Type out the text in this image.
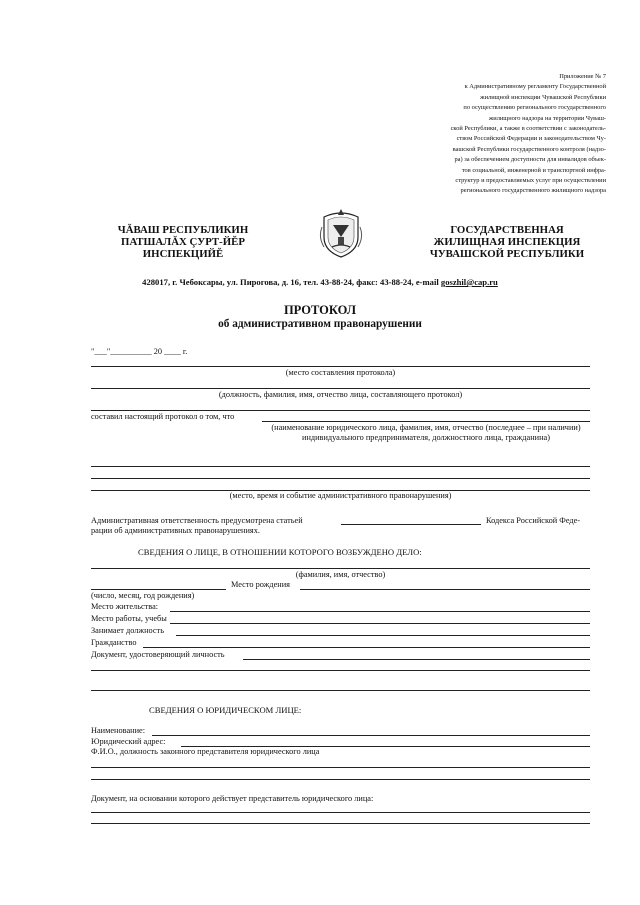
Приложение № 7
к Административному регламенту Государственной
жилищной инспекции Чувашской Республики
по осуществлению регионального государственного
жилищного надзора на территории Чуваш-
ской Республики, а также в соответствии с законодатель-
ством Российской Федерации и законодательством Чу-
вашской Республики государственного контроля (надзо-
ра) за обеспечением доступности для инвалидов объек-
тов социальной, инженерной и транспортной инфра-
структур и предоставляемых услуг при осуществлении
регионального государственного жилищного надзора
ЧĂВАШ РЕСПУБЛИКИН
ПАТШАЛĂХ ÇУРТ-ЙĔР
ИНСПЕКЦИЙĔ
ГОСУДАРСТВЕННАЯ
ЖИЛИЩНАЯ ИНСПЕКЦИЯ
ЧУВАШСКОЙ РЕСПУБЛИКИ
428017, г. Чебоксары, ул. Пирогова, д. 16, тел. 43-88-24, факс: 43-88-24, e-mail goszhil@cap.ru
ПРОТОКОЛ
об административном правонарушении
"___"__________ 20 ____ г.
(место составления протокола)
(должность, фамилия, имя, отчество лица, составляющего протокол)
составил настоящий протокол о том, что
(наименование юридического лица, фамилия, имя, отчество (последнее – при наличии) индивидуального предпринимателя, должностного лица, гражданина)
(место, время и событие административного правонарушения)
Административная ответственность предусмотрена статьей	Кодекса Российской Феде-
рации об административных правонарушениях.
СВЕДЕНИЯ О ЛИЦЕ, В ОТНОШЕНИИ КОТОРОГО ВОЗБУЖДЕНО ДЕЛО:
(фамилия, имя, отчество)
Место рождения
(число, месяц, год рождения)
Место жительства:
Место работы, учебы
Занимает должность
Гражданство
Документ, удостоверяющий личность
СВЕДЕНИЯ О ЮРИДИЧЕСКОМ ЛИЦЕ:
Наименование:
Юридический адрес:
Ф.И.О., должность законного представителя юридического лица
Документ, на основании которого действует представитель юридического лица:
